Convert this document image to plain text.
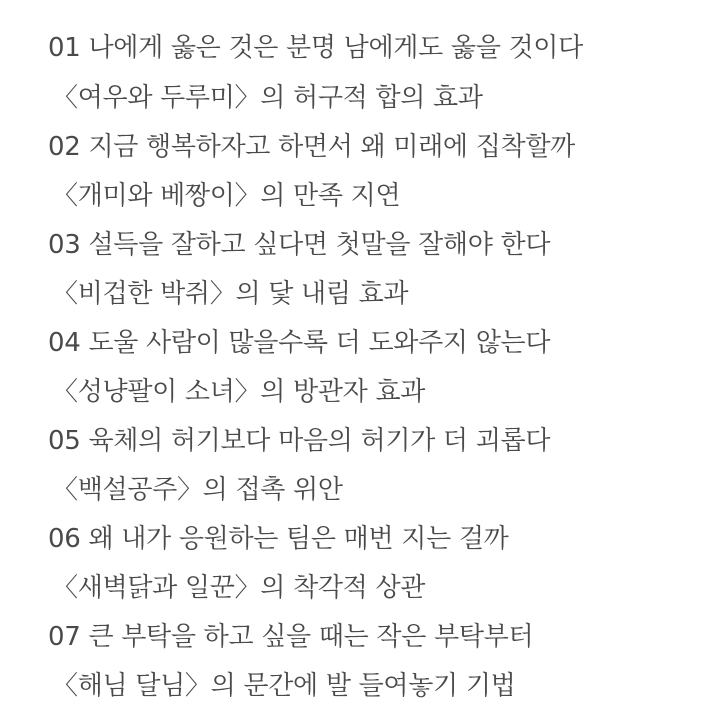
01 나에게 옳은 것은 분명 남에게도 옳을 것이다
〈여우와 두루미〉의 허구적 합의 효과
02 지금 행복하자고 하면서 왜 미래에 집착할까
〈개미와 베짱이〉의 만족 지연
03 설득을 잘하고 싶다면 첫말을 잘해야 한다
〈비겁한 박쥐〉의 닻 내림 효과
04 도울 사람이 많을수록 더 도와주지 않는다
〈성냥팔이 소녀〉의 방관자 효과
05 육체의 허기보다 마음의 허기가 더 괴롭다
〈백설공주〉의 접촉 위안
06 왜 내가 응원하는 팀은 매번 지는 걸까
〈새벽닭과 일꾼〉의 착각적 상관
07 큰 부탁을 하고 싶을 때는 작은 부탁부터
〈해님 달님〉의 문간에 발 들여놓기 기법
